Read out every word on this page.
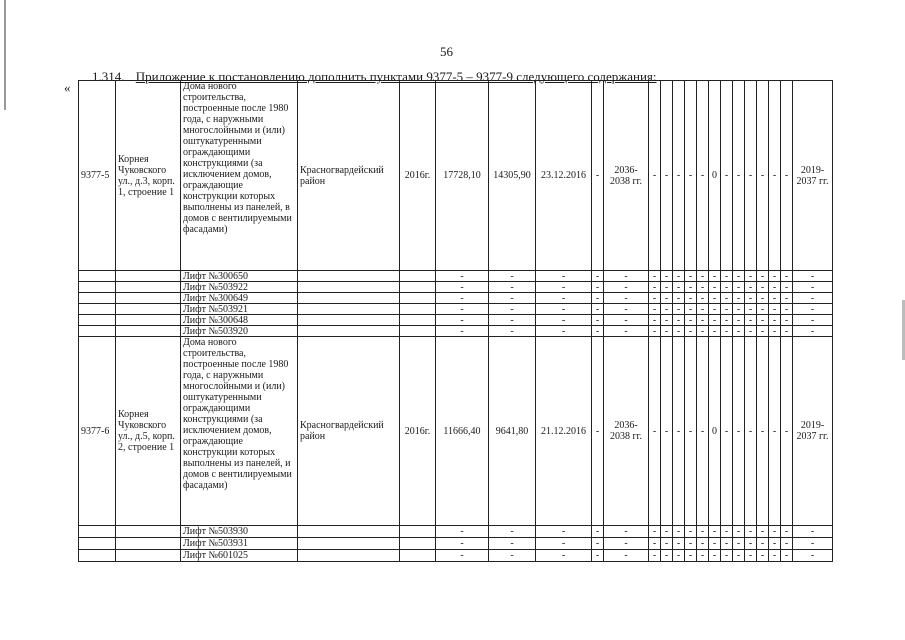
56
1.314. Приложение к постановлению дополнить пунктами 9377-5 – 9377-9 следующего содержания:
«
9377-5	Корнея Чуковского ул., д.3, корп. 1, строение 1	Дома нового строительства, построенные после 1980 года, с наружными многослойными и (или) оштукатуренными ограждающими конструкциями (за исключением домов, ограждающие конструкции которых выполнены из панелей, в домов с вентилируемыми фасадами)	Красногвардейский район	2016г.	17728,10	14305,90	23.12.2016	-	2036-2038 гг.	-	-	-	-	-	0	-	-	-	-	-	-	2019-2037 гг.
		Лифт №300650			-	-	-	-	-	-	-	-	-	-	-	-	-	-	-	-	-	-
		Лифт №503922			-	-	-	-	-	-	-	-	-	-	-	-	-	-	-	-	-	-
		Лифт №300649			-	-	-	-	-	-	-	-	-	-	-	-	-	-	-	-	-	-
		Лифт №503921			-	-	-	-	-	-	-	-	-	-	-	-	-	-	-	-	-	-
		Лифт №300648			-	-	-	-	-	-	-	-	-	-	-	-	-	-	-	-	-	-
		Лифт №503920			-	-	-	-	-	-	-	-	-	-	-	-	-	-	-	-	-	-
9377-6	Корнея Чуковского ул., д.5, корп. 2, строение 1	Дома нового строительства, построенные после 1980 года, с наружными многослойными и (или) оштукатуренными ограждающими конструкциями (за исключением домов, ограждающие конструкции которых выполнены из панелей, и домов с вентилируемыми фасадами)	Красногвардейский район	2016г.	11666,40	9641,80	21.12.2016	-	2036-2038 гг.	-	-	-	-	-	0	-	-	-	-	-	-	2019-2037 гг.
		Лифт №503930			-	-	-	-	-	-	-	-	-	-	-	-	-	-	-	-	-	-
		Лифт №503931			-	-	-	-	-	-	-	-	-	-	-	-	-	-	-	-	-	-
		Лифт №601025			-	-	-	-	-	-	-	-	-	-	-	-	-	-	-	-	-	-
